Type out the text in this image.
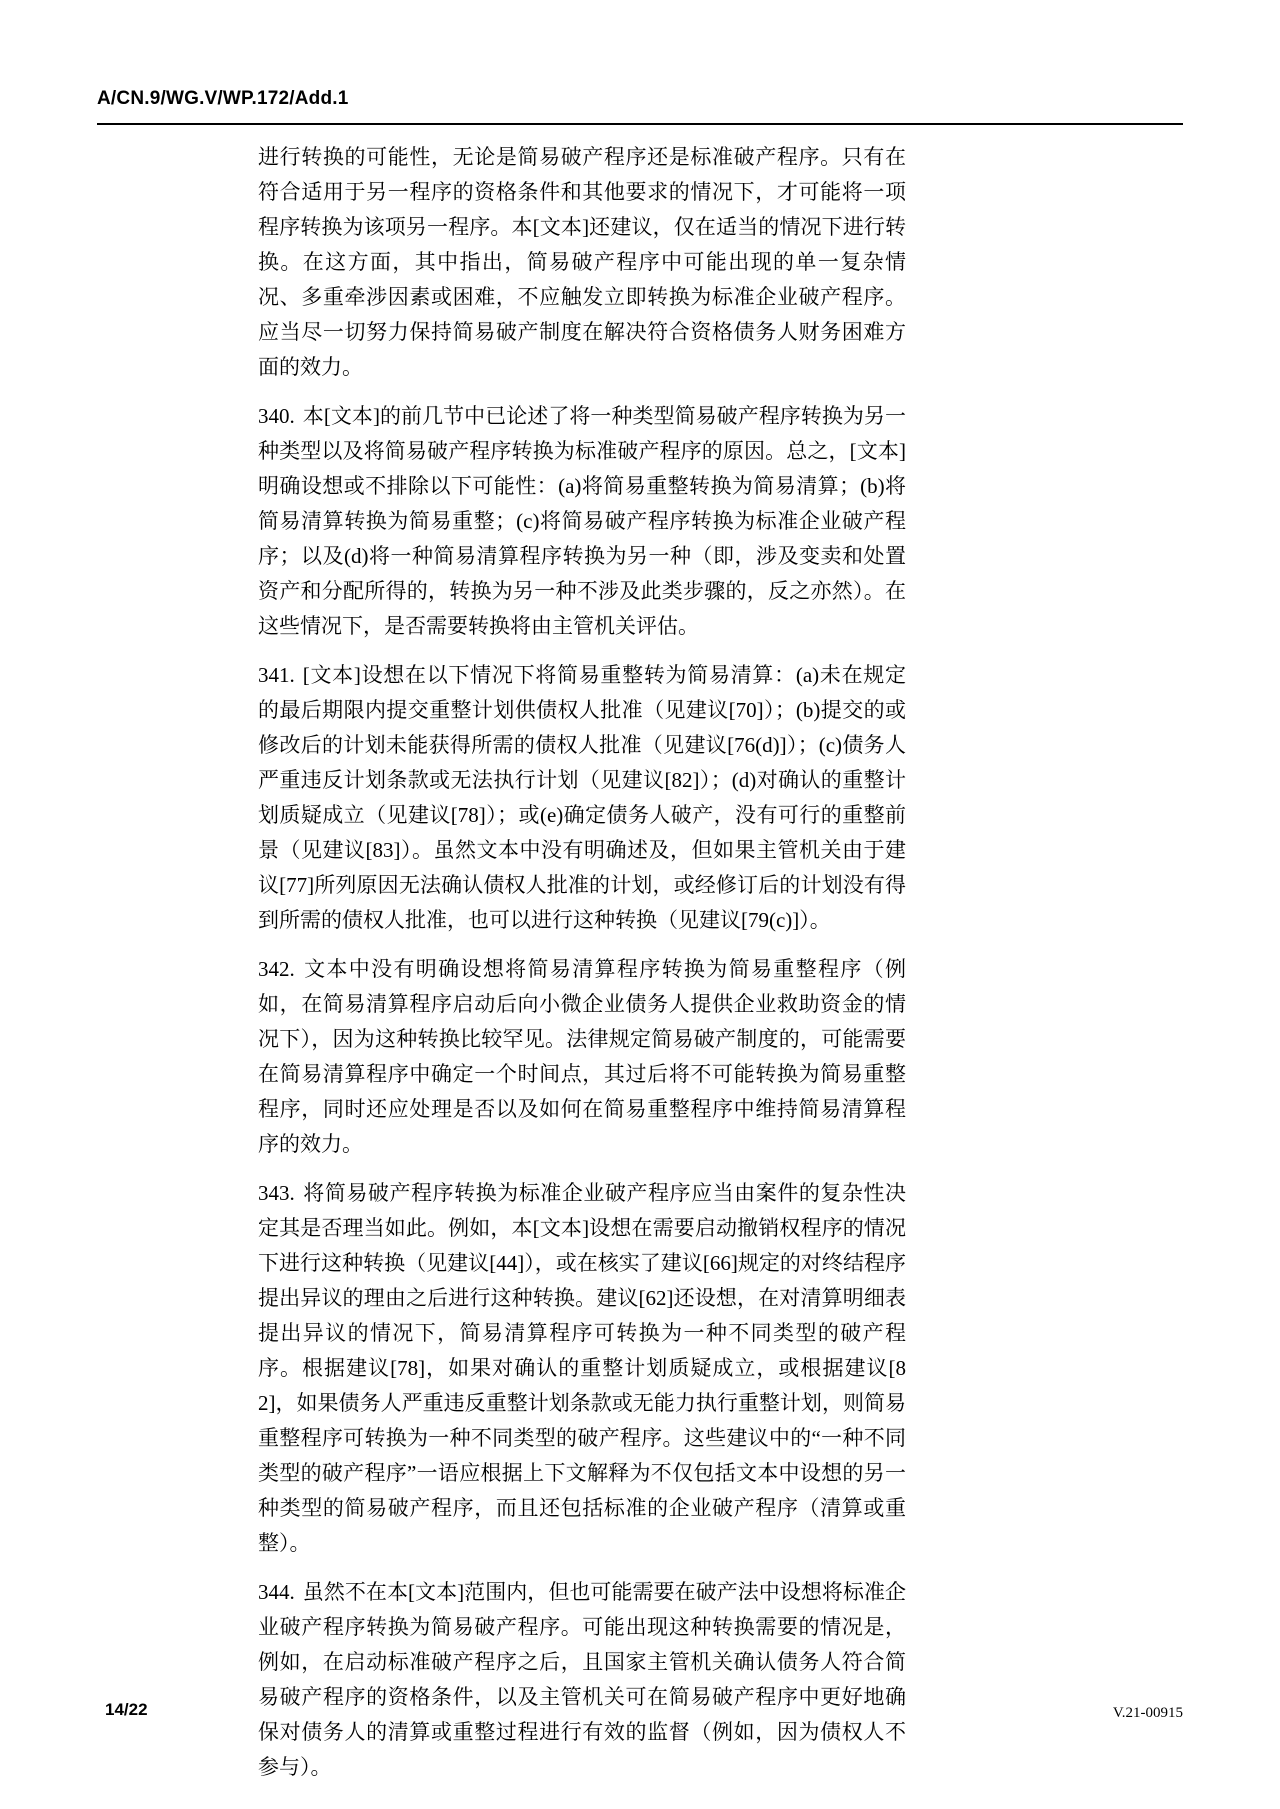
A/CN.9/WG.V/WP.172/Add.1

进行转换的可能性，无论是简易破产程序还是标准破产程序。只有在符合适用于另一程序的资格条件和其他要求的情况下，才可能将一项程序转换为该项另一程序。本[文本]还建议，仅在适当的情况下进行转换。在这方面，其中指出，简易破产程序中可能出现的单一复杂情况、多重牵涉因素或困难，不应触发立即转换为标准企业破产程序。应当尽一切努力保持简易破产制度在解决符合资格债务人财务困难方面的效力。

340. 本[文本]的前几节中已论述了将一种类型简易破产程序转换为另一种类型以及将简易破产程序转换为标准破产程序的原因。总之，[文本]明确设想或不排除以下可能性：(a)将简易重整转换为简易清算；(b)将简易清算转换为简易重整；(c)将简易破产程序转换为标准企业破产程序；以及(d)将一种简易清算程序转换为另一种（即，涉及变卖和处置资产和分配所得的，转换为另一种不涉及此类步骤的，反之亦然）。在这些情况下，是否需要转换将由主管机关评估。

341. [文本]设想在以下情况下将简易重整转为简易清算：(a)未在规定的最后期限内提交重整计划供债权人批准（见建议[70]）；(b)提交的或修改后的计划未能获得所需的债权人批准（见建议[76(d)]）；(c)债务人严重违反计划条款或无法执行计划（见建议[82]）；(d)对确认的重整计划质疑成立（见建议[78]）；或(e)确定债务人破产，没有可行的重整前景（见建议[83]）。虽然文本中没有明确述及，但如果主管机关由于建议[77]所列原因无法确认债权人批准的计划，或经修订后的计划没有得到所需的债权人批准，也可以进行这种转换（见建议[79(c)]）。

342. 文本中没有明确设想将简易清算程序转换为简易重整程序（例如，在简易清算程序启动后向小微企业债务人提供企业救助资金的情况下），因为这种转换比较罕见。法律规定简易破产制度的，可能需要在简易清算程序中确定一个时间点，其过后将不可能转换为简易重整程序，同时还应处理是否以及如何在简易重整程序中维持简易清算程序的效力。

343. 将简易破产程序转换为标准企业破产程序应当由案件的复杂性决定其是否理当如此。例如，本[文本]设想在需要启动撤销权程序的情况下进行这种转换（见建议[44]），或在核实了建议[66]规定的对终结程序提出异议的理由之后进行这种转换。建议[62]还设想，在对清算明细表提出异议的情况下，简易清算程序可转换为一种不同类型的破产程序。根据建议[78]，如果对确认的重整计划质疑成立，或根据建议[82]，如果债务人严重违反重整计划条款或无能力执行重整计划，则简易重整程序可转换为一种不同类型的破产程序。这些建议中的“一种不同类型的破产程序”一语应根据上下文解释为不仅包括文本中设想的另一种类型的简易破产程序，而且还包括标准的企业破产程序（清算或重整）。

344. 虽然不在本[文本]范围内，但也可能需要在破产法中设想将标准企业破产程序转换为简易破产程序。可能出现这种转换需要的情况是，例如，在启动标准破产程序之后，且国家主管机关确认债务人符合简易破产程序的资格条件，以及主管机关可在简易破产程序中更好地确保对债务人的清算或重整过程进行有效的监督（例如，因为债权人不参与）。

14/22	V.21-00915
